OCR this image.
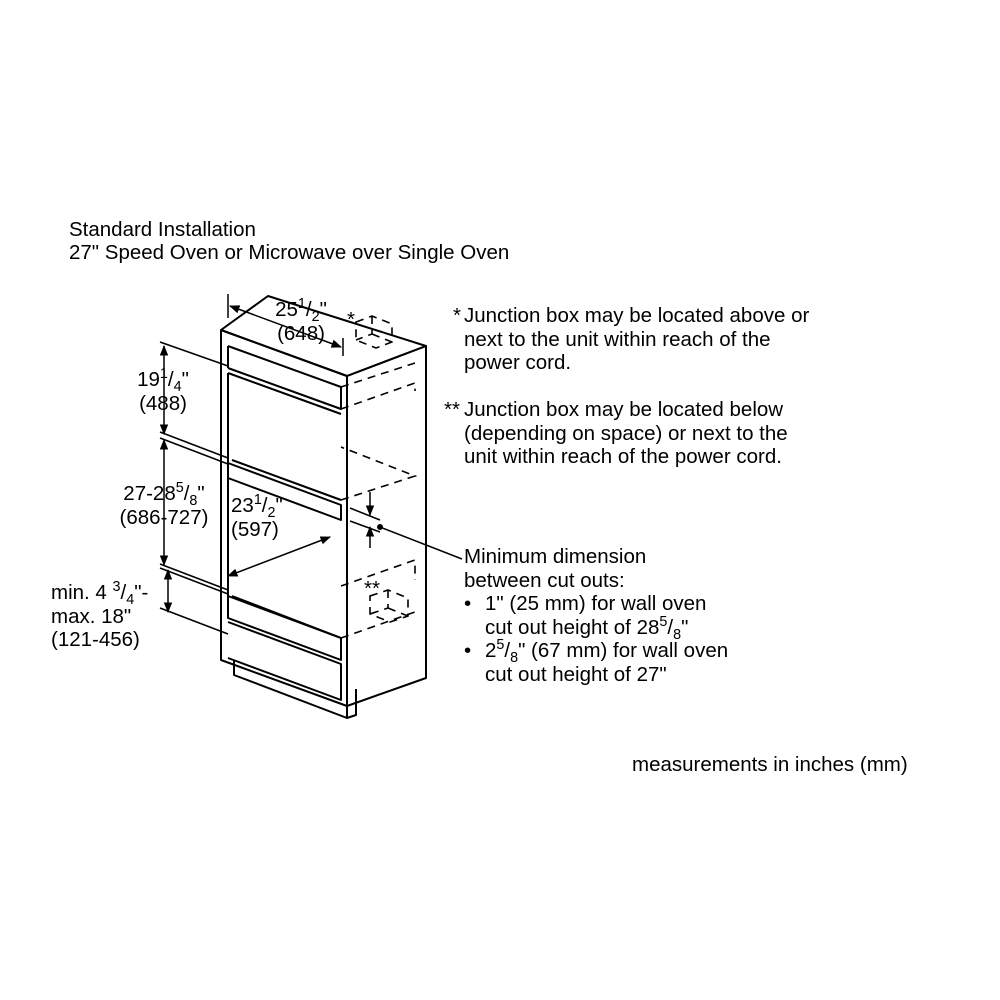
Standard Installation
27" Speed Oven or Microwave over Single Oven
*
**
$25^1/_2$"
(648)
$19^1/_4$"
(488)
$27-28^5/_8$"
(686-727)	$23^1/_2$"
(597)
min. 4 $^3/_4"-$
max. 18"
(121-456)
* Junction box may be located above or
next to the unit within reach of the
power cord.
** Junction box may be located below
(depending on space) or next to the
unit within reach of the power cord.
Minimum dimension
between cut outs:
• 1" (25 mm) for wall oven
cut out height of $28^5/_8$"
• $2^5/_8$" (67 mm) for wall oven
cut out height of 27"
measurements in inches (mm)
